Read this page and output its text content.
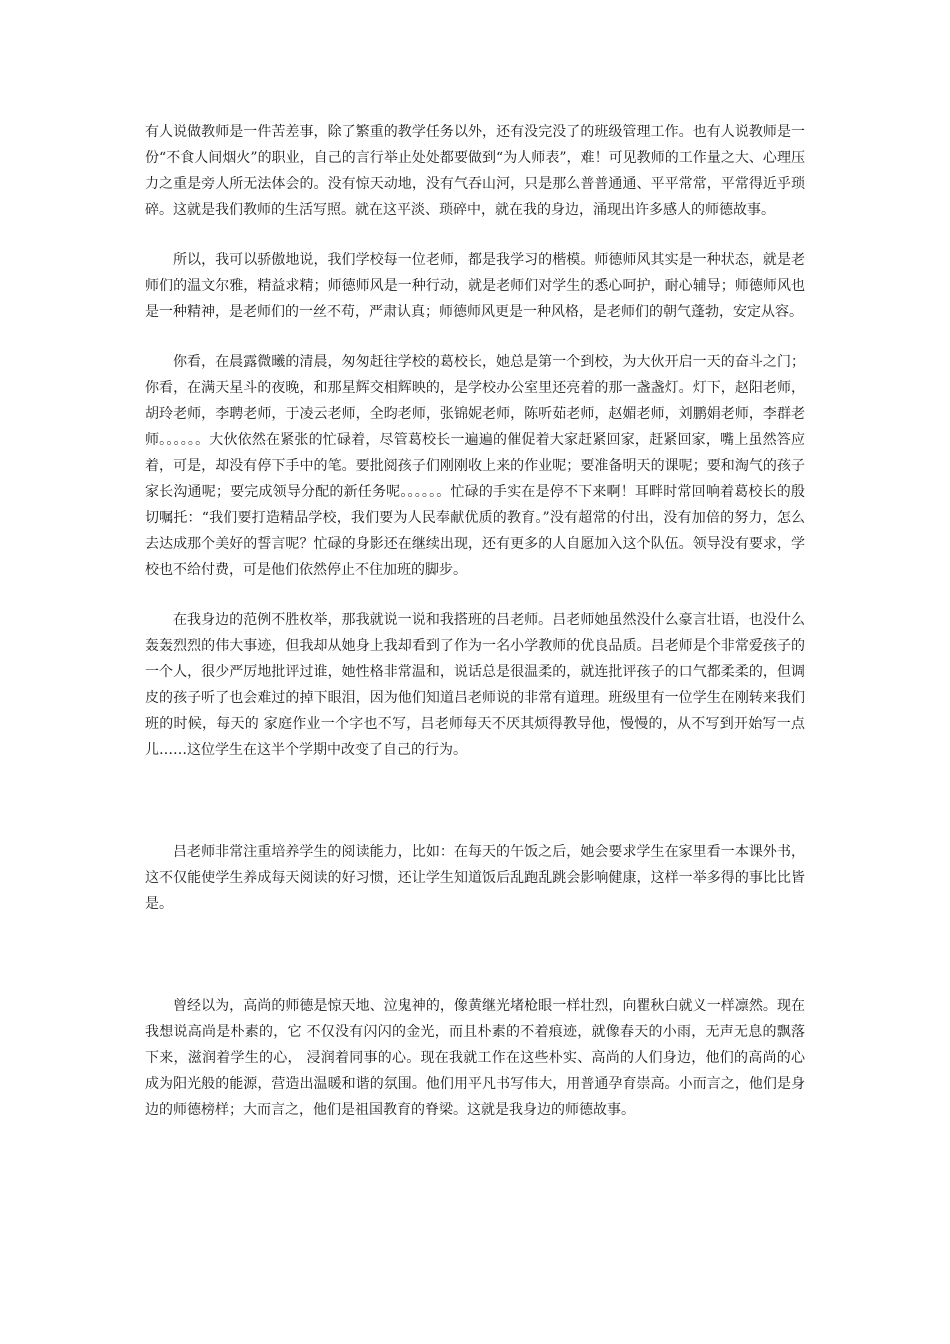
有人说做教师是一件苦差事，除了繁重的教学任务以外，还有没完没了的班级管理工作。也有人说教师是一份“不食人间烟火”的职业，自己的言行举止处处都要做到“为人师表”，难！可见教师的工作量之大、心理压力之重是旁人所无法体会的。没有惊天动地，没有气吞山河，只是那么普普通通、平平常常，平常得近乎琐碎。这就是我们教师的生活写照。就在这平淡、琐碎中，就在我的身边，涌现出许多感人的师德故事。

所以，我可以骄傲地说，我们学校每一位老师，都是我学习的楷模。师德师风其实是一种状态，就是老师们的温文尔雅，精益求精；师德师风是一种行动，就是老师们对学生的悉心呵护，耐心辅导；师德师风也是一种精神，是老师们的一丝不苟，严肃认真；师德师风更是一种风格，是老师们的朝气蓬勃，安定从容。

你看，在晨露微曦的清晨，匆匆赶往学校的葛校长，她总是第一个到校，为大伙开启一天的奋斗之门；你看，在满天星斗的夜晚，和那星辉交相辉映的，是学校办公室里还亮着的那一盏盏灯。灯下，赵阳老师，胡玲老师，李聘老师，于凌云老师，全昀老师，张锦妮老师，陈听茹老师，赵媚老师，刘鹏娟老师，李群老师。。。。。。大伙依然在紧张的忙碌着，尽管葛校长一遍遍的催促着大家赶紧回家，赶紧回家，嘴上虽然答应着，可是，却没有停下手中的笔。要批阅孩子们刚刚收上来的作业呢；要准备明天的课呢；要和淘气的孩子家长沟通呢；要完成领导分配的新任务呢。。。。。。忙碌的手实在是停不下来啊！耳畔时常回响着葛校长的殷切嘱托：“我们要打造精品学校，我们要为人民奉献优质的教育。”没有超常的付出，没有加倍的努力，怎么去达成那个美好的誓言呢？忙碌的身影还在继续出现，还有更多的人自愿加入这个队伍。领导没有要求，学校也不给付费，可是他们依然停止不住加班的脚步。

在我身边的范例不胜枚举，那我就说一说和我搭班的吕老师。吕老师她虽然没什么豪言壮语，也没什么轰轰烈烈的伟大事迹，但我却从她身上我却看到了作为一名小学教师的优良品质。吕老师是个非常爱孩子的一个人，很少严厉地批评过谁，她性格非常温和，说话总是很温柔的，就连批评孩子的口气都柔柔的，但调皮的孩子听了也会难过的掉下眼泪，因为他们知道吕老师说的非常有道理。班级里有一位学生在刚转来我们班的时候，每天的 家庭作业一个字也不写，吕老师每天不厌其烦得教导他，慢慢的，从不写到开始写一点儿……这位学生在这半个学期中改变了自己的行为。

吕老师非常注重培养学生的阅读能力，比如：在每天的午饭之后，她会要求学生在家里看一本课外书，这不仅能使学生养成每天阅读的好习惯，还让学生知道饭后乱跑乱跳会影响健康，这样一举多得的事比比皆是。

曾经以为，高尚的师德是惊天地、泣鬼神的，像黄继光堵枪眼一样壮烈，向瞿秋白就义一样凛然。现在我想说高尚是朴素的，它 不仅没有闪闪的金光，而且朴素的不着痕迹，就像春天的小雨，无声无息的飘落下来，滋润着学生的心， 浸润着同事的心。现在我就工作在这些朴实、高尚的人们身边，他们的高尚的心成为阳光般的能源，营造出温暖和谐的氛围。他们用平凡书写伟大，用普通孕育崇高。小而言之，他们是身边的师德榜样；大而言之，他们是祖国教育的脊梁。这就是我身边的师德故事。
